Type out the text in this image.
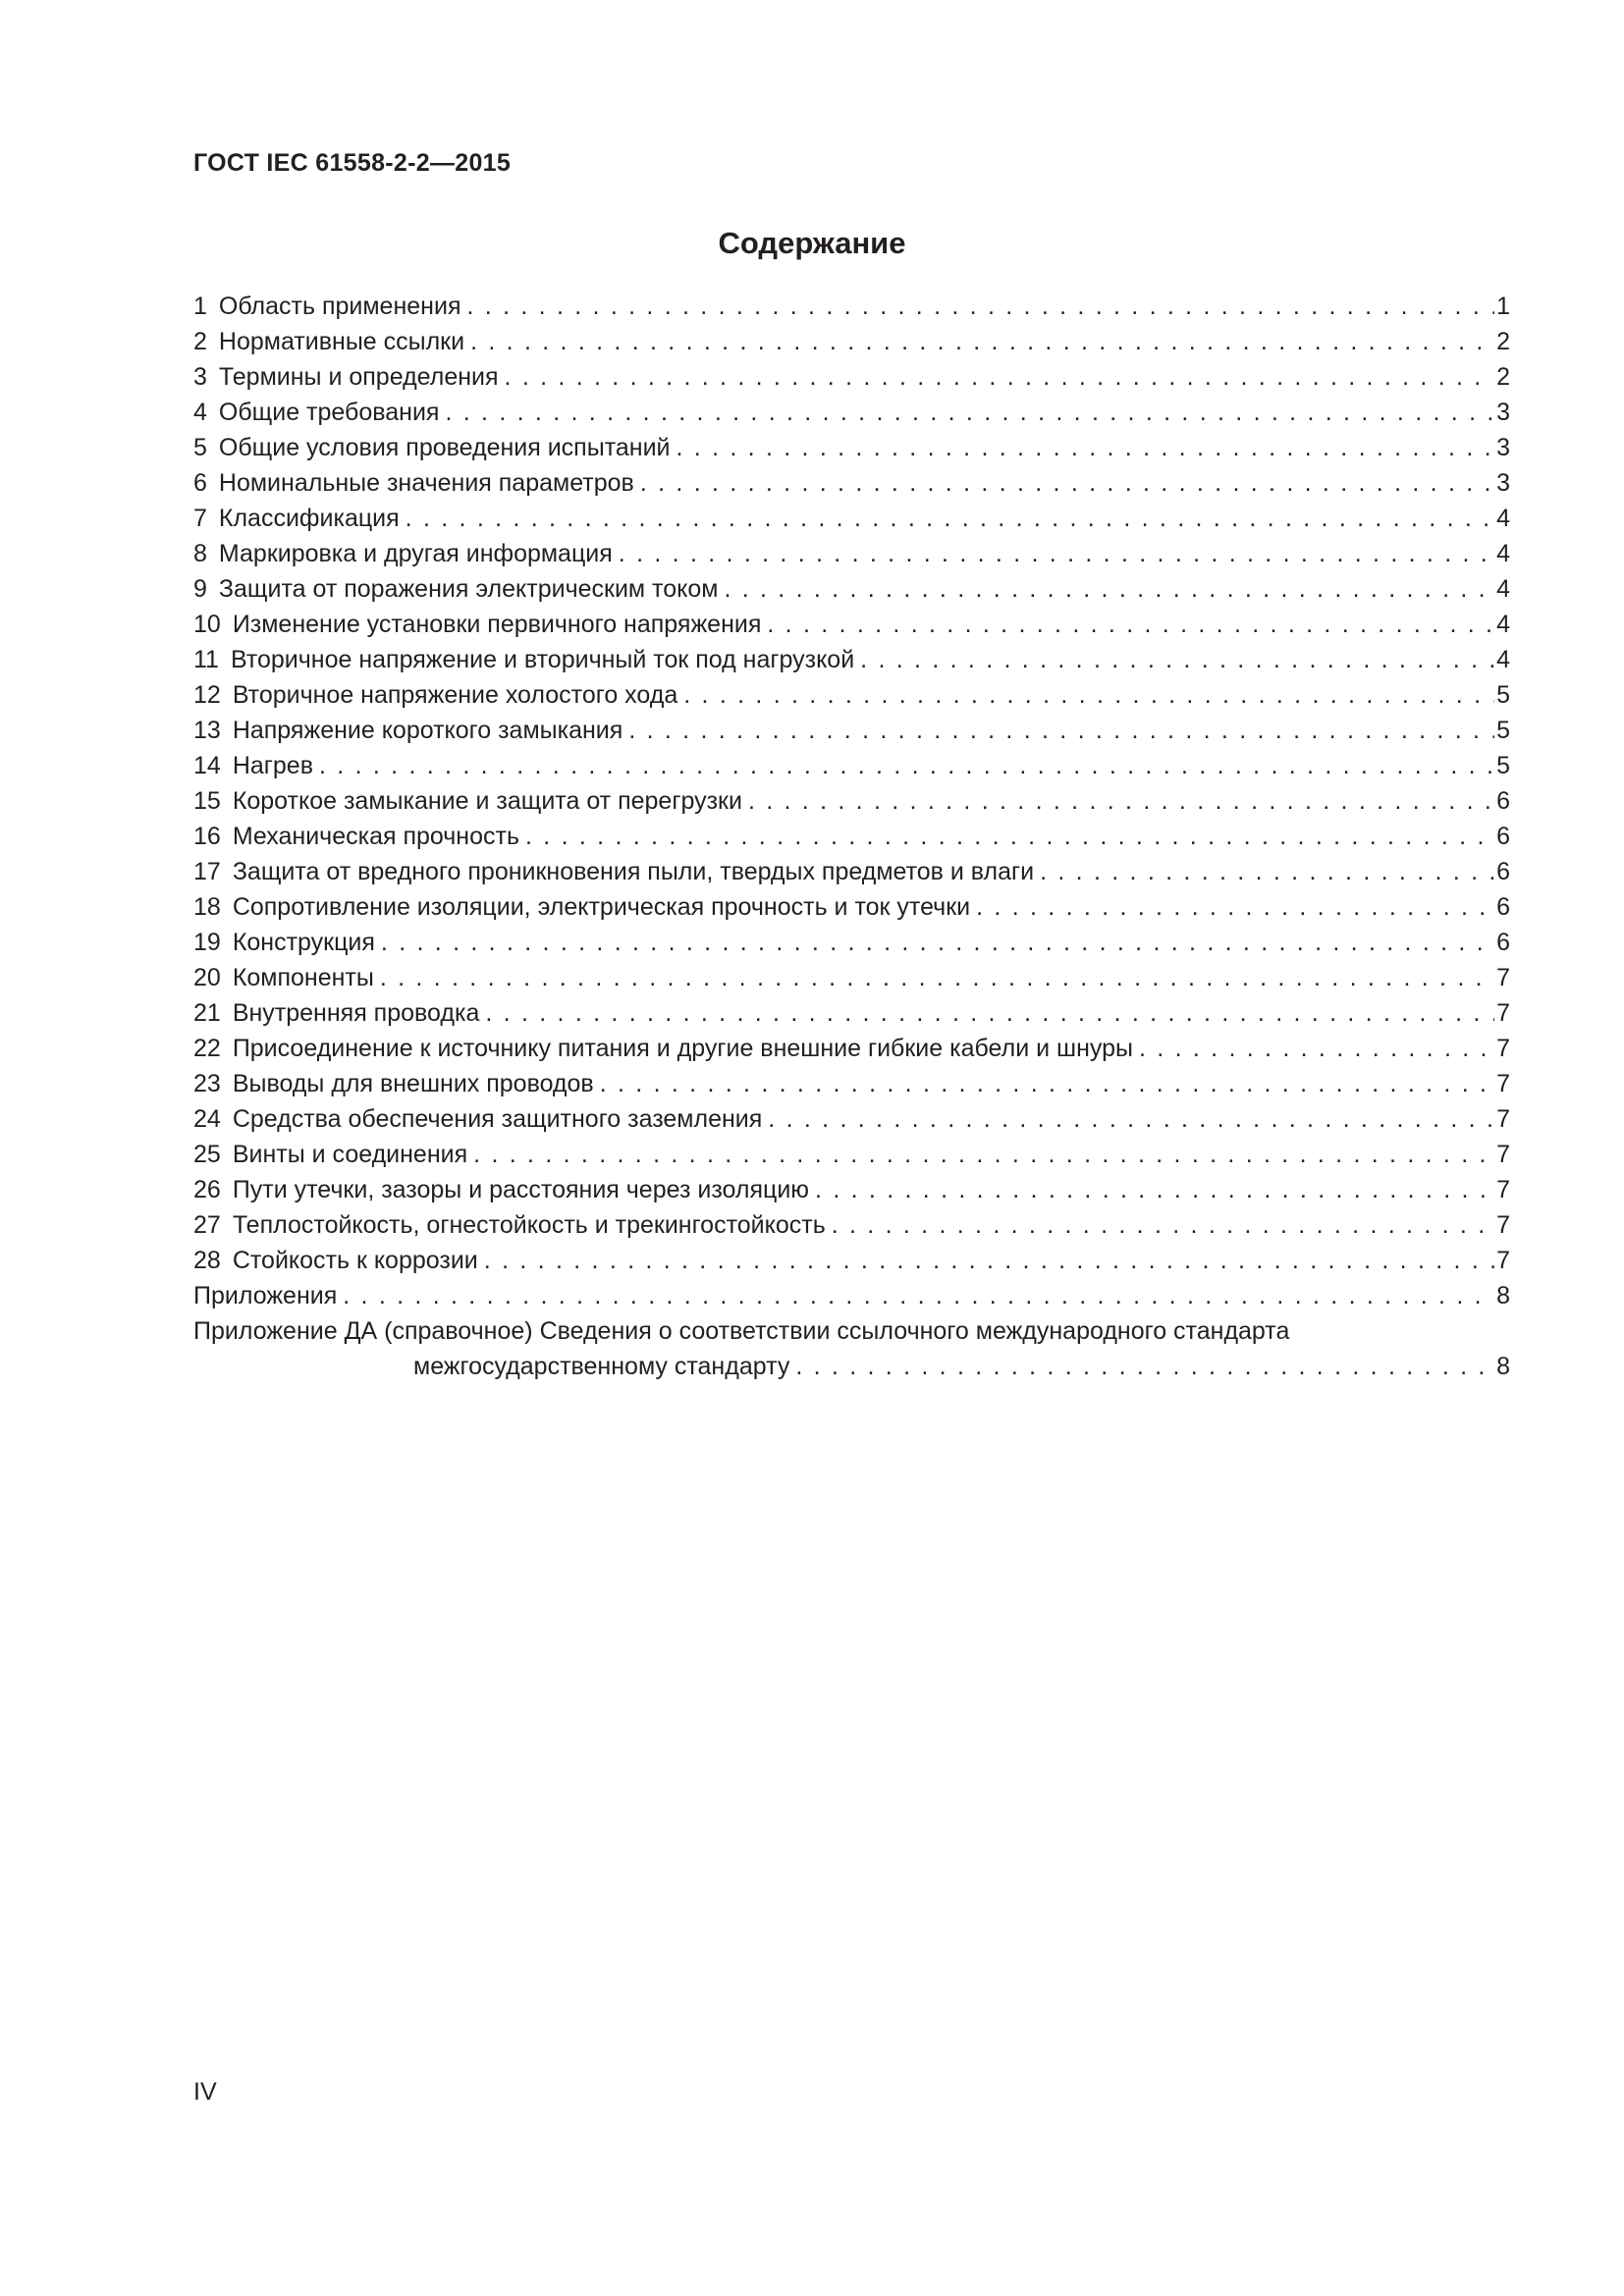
ГОСТ IEC 61558-2-2—2015
Содержание
1 Область применения . . .	1
2 Нормативные ссылки . . .	2
3 Термины и определения . . .	2
4 Общие требования . . .	3
5 Общие условия проведения испытаний . . .	3
6 Номинальные значения параметров . . .	3
7 Классификация . . .	4
8 Маркировка и другая информация . . .	4
9 Защита от поражения электрическим током . . .	4
10 Изменение установки первичного напряжения . . .	4
11 Вторичное напряжение и вторичный ток под нагрузкой . . .	4
12 Вторичное напряжение холостого хода . . .	5
13 Напряжение короткого замыкания . . .	5
14 Нагрев . . .	5
15 Короткое замыкание и защита от перегрузки . . .	6
16 Механическая прочность . . .	6
17 Защита от вредного проникновения пыли, твердых предметов и влаги . . .	6
18 Сопротивление изоляции, электрическая прочность и ток утечки . . .	6
19 Конструкция . . .	6
20 Компоненты . . .	7
21 Внутренняя проводка . . .	7
22 Присоединение к источнику питания и другие внешние гибкие кабели и шнуры . . .	7
23 Выводы для внешних проводов . . .	7
24 Средства обеспечения защитного заземления . . .	7
25 Винты и соединения . . .	7
26 Пути утечки, зазоры и расстояния через изоляцию . . .	7
27 Теплостойкость, огнестойкость и трекингостойкость . . .	7
28 Стойкость к коррозии . . .	7
Приложения . . .	8
Приложение ДА (справочное) Сведения о соответствии ссылочного международного стандарта
межгосударственному стандарту . . .	8
IV
